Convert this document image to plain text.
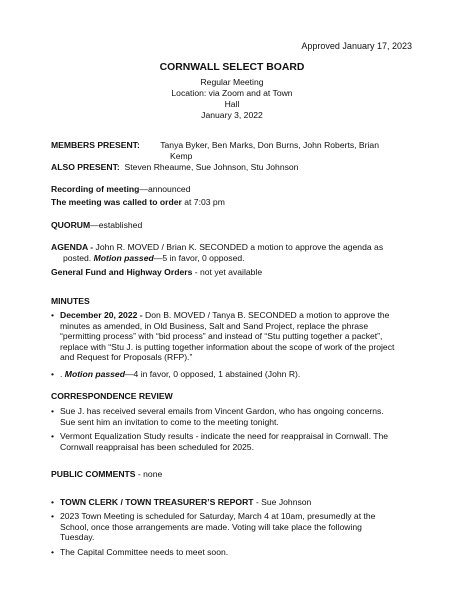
Approved January 17, 2023
CORNWALL SELECT BOARD
Regular Meeting
Location: via Zoom and at Town
Hall
January 3, 2022
MEMBERS PRESENT: Tanya Byker, Ben Marks, Don Burns, John Roberts, Brian
Kemp
ALSO PRESENT: Steven Rheaume, Sue Johnson, Stu Johnson
Recording of meeting—announced
The meeting was called to order at 7:03 pm
QUORUM—established
AGENDA - John R. MOVED / Brian K. SECONDED a motion to approve the agenda as
posted. Motion passed—5 in favor, 0 opposed.
General Fund and Highway Orders - not yet available
MINUTES
• December 20, 2022 - Don B. MOVED / Tanya B. SECONDED a motion to approve the
minutes as amended, in Old Business, Salt and Sand Project, replace the phrase
“permitting process” with “bid process” and instead of “Stu putting together a packet”,
replace with “Stu J. is putting together information about the scope of work of the project
and Request for Proposals (RFP).”
• . Motion passed—4 in favor, 0 opposed, 1 abstained (John R).
CORRESPONDENCE REVIEW
• Sue J. has received several emails from Vincent Gardon, who has ongoing concerns.
Sue sent him an invitation to come to the meeting tonight.
• Vermont Equalization Study results - indicate the need for reappraisal in Cornwall. The
Cornwall reappraisal has been scheduled for 2025.
PUBLIC COMMENTS - none
• TOWN CLERK / TOWN TREASURER’S REPORT - Sue Johnson
• 2023 Town Meeting is scheduled for Saturday, March 4 at 10am, presumedly at the
School, once those arrangements are made. Voting will take place the following
Tuesday.
• The Capital Committee needs to meet soon.
